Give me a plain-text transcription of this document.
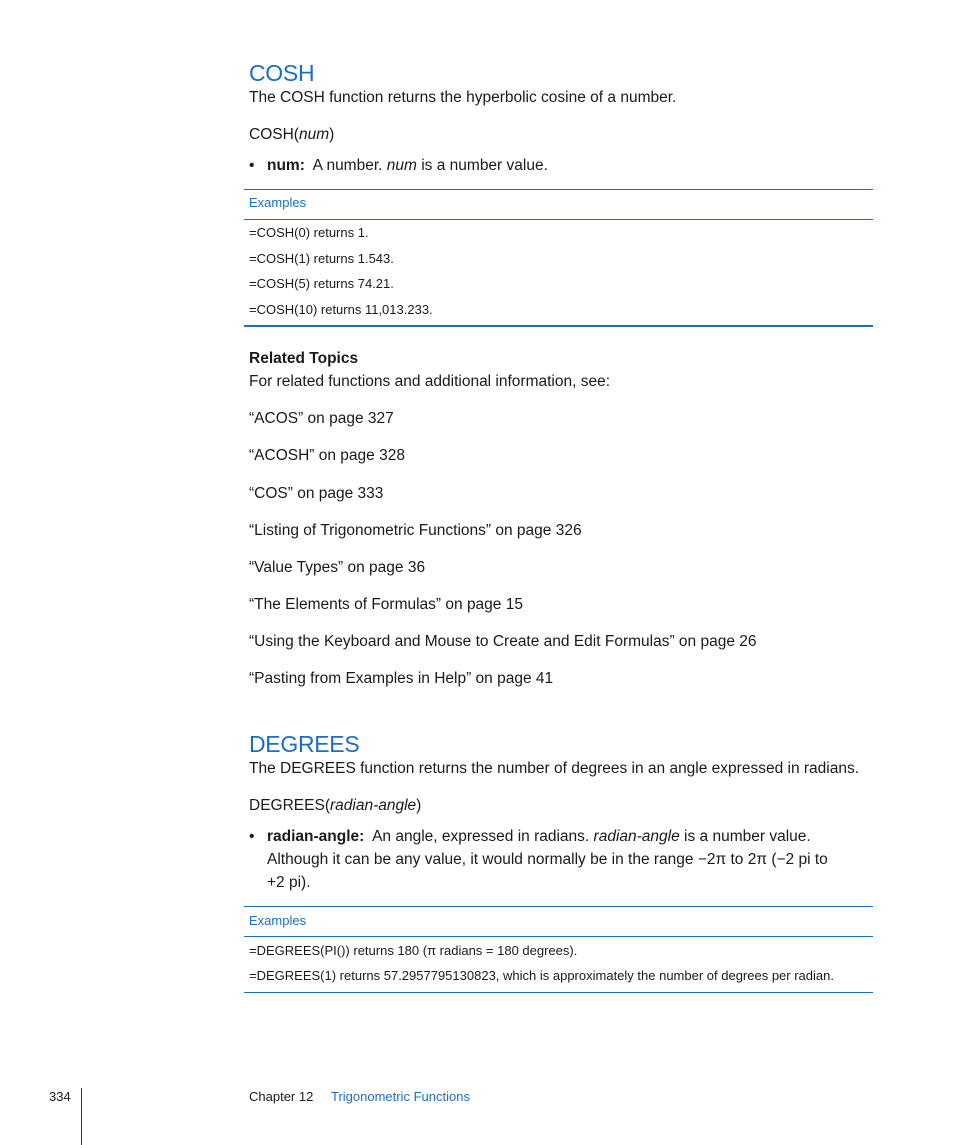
COSH
The COSH function returns the hyperbolic cosine of a number.
COSH(num)
• num: A number. num is a number value.
Examples
=COSH(0) returns 1.
=COSH(1) returns 1.543.
=COSH(5) returns 74.21.
=COSH(10) returns 11,013.233.
Related Topics
For related functions and additional information, see:
“ACOS” on page 327
“ACOSH” on page 328
“COS” on page 333
“Listing of Trigonometric Functions” on page 326
“Value Types” on page 36
“The Elements of Formulas” on page 15
“Using the Keyboard and Mouse to Create and Edit Formulas” on page 26
“Pasting from Examples in Help” on page 41
DEGREES
The DEGREES function returns the number of degrees in an angle expressed in radians.
DEGREES(radian-angle)
• radian-angle: An angle, expressed in radians. radian-angle is a number value.
Although it can be any value, it would normally be in the range −2π to 2π (−2 pi to
+2 pi).
Examples
=DEGREES(PI()) returns 180 (π radians = 180 degrees).
=DEGREES(1) returns 57.2957795130823, which is approximately the number of degrees per radian.
334	Chapter 12 Trigonometric Functions
